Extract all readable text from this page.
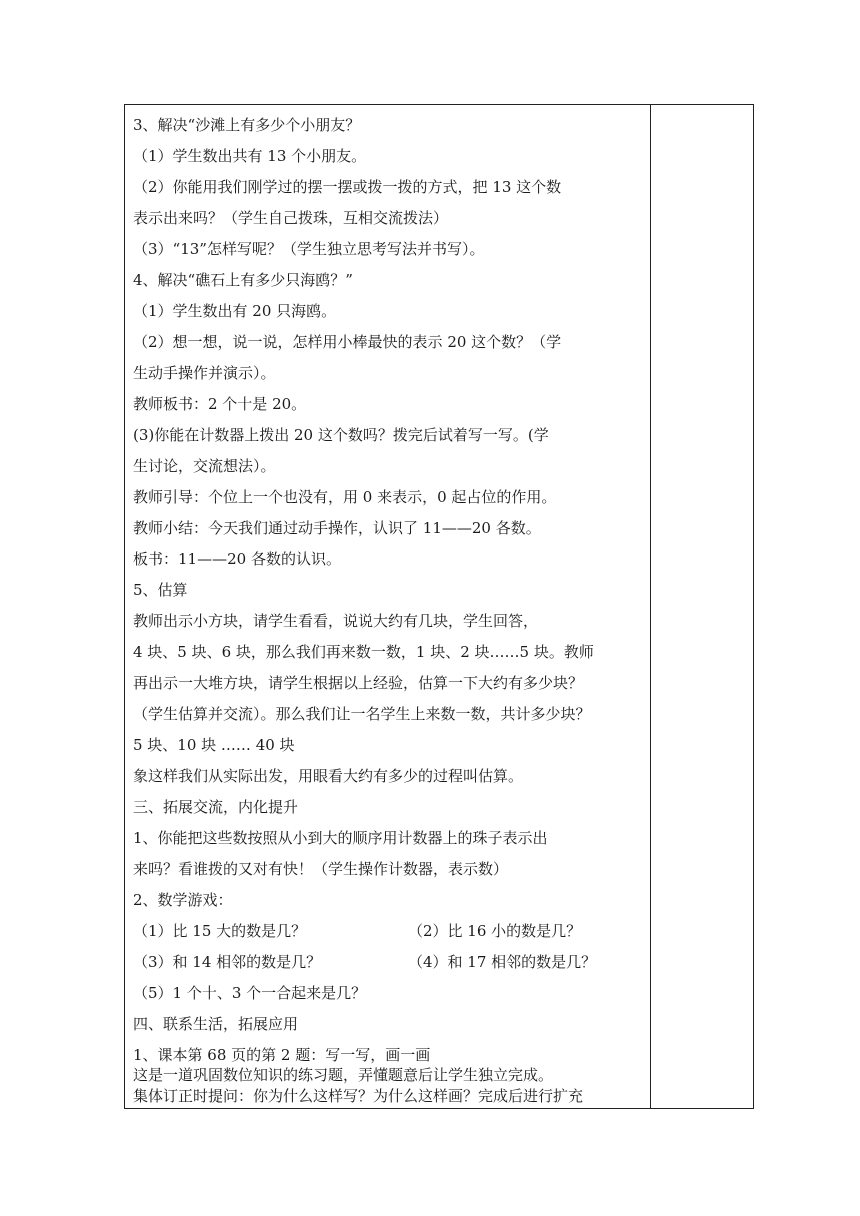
3、解决“沙滩上有多少个小朋友？
（1）学生数出共有 13 个小朋友。
（2）你能用我们刚学过的摆一摆或拨一拨的方式，把 13 这个数
表示出来吗？（学生自己拨珠，互相交流拨法）
（3）“13”怎样写呢？（学生独立思考写法并书写）。
4、解决“礁石上有多少只海鸥？”
（1）学生数出有 20 只海鸥。
（2）想一想，说一说，怎样用小棒最快的表示 20 这个数？（学
生动手操作并演示）。
教师板书：2 个十是 20。
(3)你能在计数器上拨出 20 这个数吗？拨完后试着写一写。(学
生讨论，交流想法）。
教师引导：个位上一个也没有，用 0 来表示，0 起占位的作用。
教师小结：今天我们通过动手操作，认识了 11——20 各数。
板书：11——20 各数的认识。
5、估算
教师出示小方块，请学生看看，说说大约有几块，学生回答，
4 块、5 块、6 块，那么我们再来数一数，1 块、2 块……5 块。教师
再出示一大堆方块，请学生根据以上经验，估算一下大约有多少块？
（学生估算并交流）。那么我们让一名学生上来数一数，共计多少块？
5 块、10 块 …… 40 块
象这样我们从实际出发，用眼看大约有多少的过程叫估算。
三、拓展交流，内化提升
1、你能把这些数按照从小到大的顺序用计数器上的珠子表示出
来吗？看谁拨的又对有快！（学生操作计数器，表示数）
2、数学游戏：
（1）比 15 大的数是几？	（2）比 16 小的数是几？
（3）和 14 相邻的数是几？	（4）和 17 相邻的数是几？
（5）1 个十、3 个一合起来是几？
四、联系生活，拓展应用
1、课本第 68 页的第 2 题：写一写，画一画
这是一道巩固数位知识的练习题，弄懂题意后让学生独立完成。
集体订正时提问：你为什么这样写？为什么这样画？完成后进行扩充
